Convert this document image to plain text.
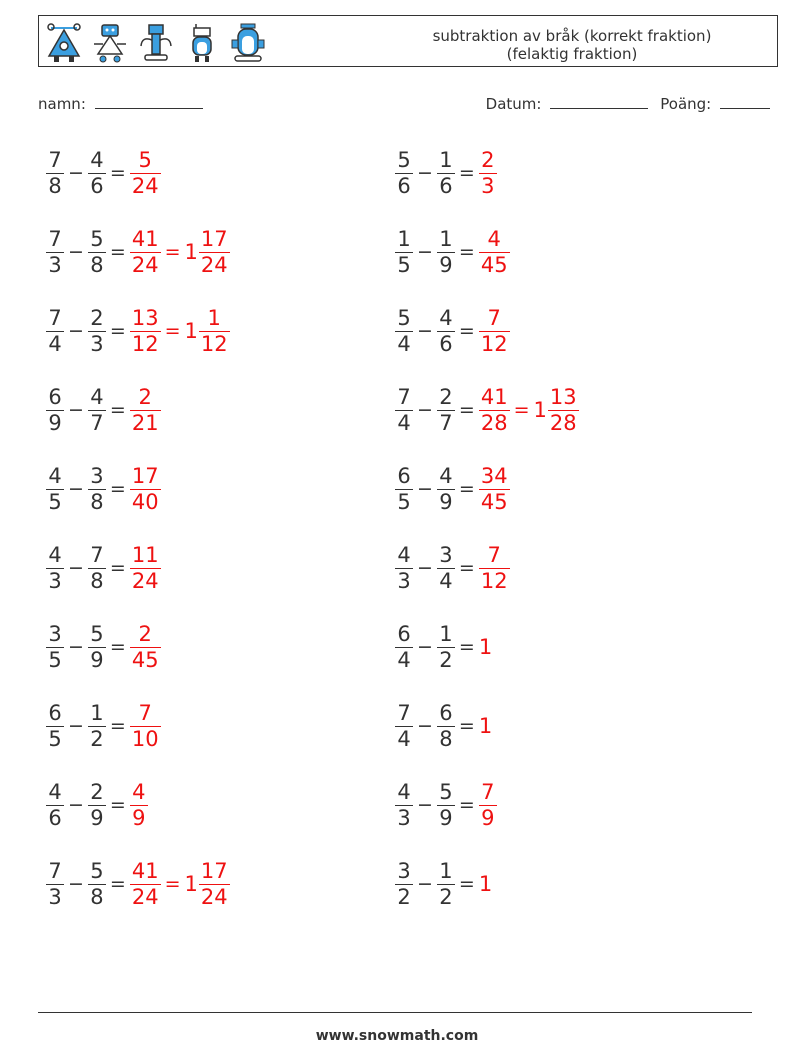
subtraktion av bråk (korrekt fraktion)
(felaktig fraktion)
namn:	Datum:	Poäng:
$\frac{7}{8} - \frac{4}{6} = \frac{5}{24}$	$\frac{5}{6} - \frac{1}{6} = \frac{2}{3}$
$\frac{7}{3} - \frac{5}{8} = \frac{41}{24} = 1 \frac{17}{24}$	$\frac{1}{5} - \frac{1}{9} = \frac{4}{45}$
$\frac{7}{4} - \frac{2}{3} = \frac{13}{12} = 1 \frac{1}{12}$	$\frac{5}{4} - \frac{4}{6} = \frac{7}{12}$
$\frac{6}{9} - \frac{4}{7} = \frac{2}{21}$	$\frac{7}{4} - \frac{2}{7} = \frac{41}{28} = 1 \frac{13}{28}$
$\frac{4}{5} - \frac{3}{8} = \frac{17}{40}$	$\frac{6}{5} - \frac{4}{9} = \frac{34}{45}$
$\frac{4}{3} - \frac{7}{8} = \frac{11}{24}$	$\frac{4}{3} - \frac{3}{4} = \frac{7}{12}$
$\frac{3}{5} - \frac{5}{9} = \frac{2}{45}$	$\frac{6}{4} - \frac{1}{2} = 1$
$\frac{6}{5} - \frac{1}{2} = \frac{7}{10}$	$\frac{7}{4} - \frac{6}{8} = 1$
$\frac{4}{6} - \frac{2}{9} = \frac{4}{9}$	$\frac{4}{3} - \frac{5}{9} = \frac{7}{9}$
$\frac{7}{3} - \frac{5}{8} = \frac{41}{24} = 1 \frac{17}{24}$	$\frac{3}{2} - \frac{1}{2} = 1$
www.snowmath.com
